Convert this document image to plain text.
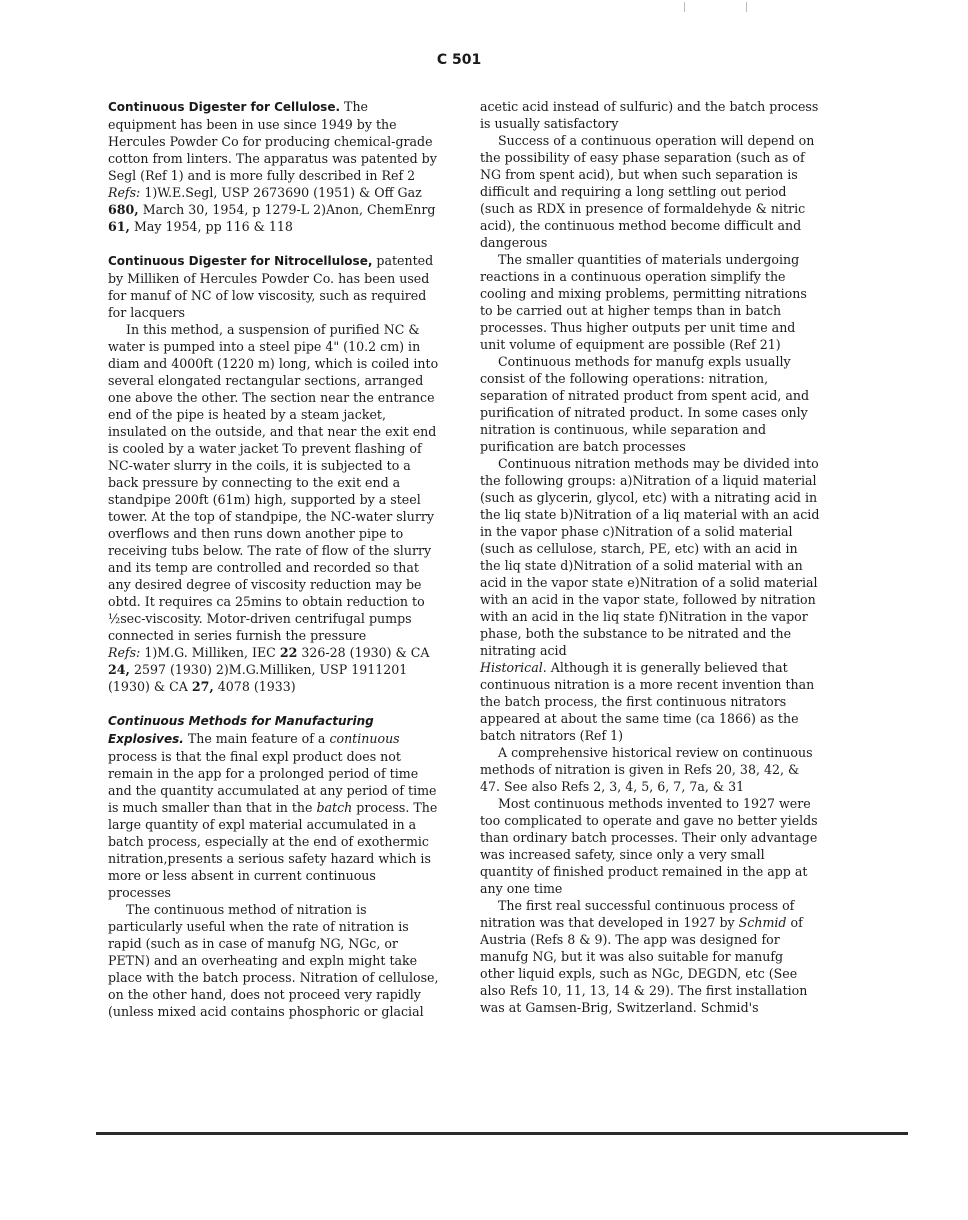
C 501

Continuous Digester for Cellulose. The equipment has been in use since 1949 by the Hercules Powder Co for producing chemical-grade cotton from linters. The apparatus was patented by Segl (Ref 1) and is more fully described in Ref 2

Refs: 1)W.E.Segl, USP 2673690 (1951) & Off Gaz 680, March 30, 1954, p 1279-L 2)Anon, ChemEnrg 61, May 1954, pp 116 & 118

Continuous Digester for Nitrocellulose, patented by Milliken of Hercules Powder Co. has been used for manuf of NC of low viscosity, such as required for lacquers

In this method, a suspension of purified NC & water is pumped into a steel pipe 4" (10.2 cm) in diam and 4000ft (1220 m) long, which is coiled into several elongated rectangular sections, arranged one above the other. The section near the entrance end of the pipe is heated by a steam jacket, insulated on the outside, and that near the exit end is cooled by a water jacket To prevent flashing of NC-water slurry in the coils, it is subjected to a back pressure by connecting to the exit end a standpipe 200ft (61m) high, supported by a steel tower. At the top of standpipe, the NC-water slurry overflows and then runs down another pipe to receiving tubs below. The rate of flow of the slurry and its temp are controlled and recorded so that any desired degree of viscosity reduction may be obtd. It requires ca 25mins to obtain reduction to ½sec-viscosity. Motor-driven centrifugal pumps connected in series furnish the pressure

Refs: 1)M.G. Milliken, IEC 22 326-28 (1930) & CA 24, 2597 (1930) 2)M.G.Milliken, USP 1911201 (1930) & CA 27, 4078 (1933)

Continuous Methods for Manufacturing Explosives. The main feature of a continuous process is that the final expl product does not remain in the app for a prolonged period of time and the quantity accumulated at any period of time is much smaller than that in the batch process. The large quantity of expl material accumulated in a batch process, especially at the end of exothermic nitration,presents a serious safety hazard which is more or less absent in current continuous processes

The continuous method of nitration is particularly useful when the rate of nitration is rapid (such as in case of manufg NG, NGc, or PETN) and an overheating and expln might take place with the batch process. Nitration of cellulose, on the other hand, does not proceed very rapidly (unless mixed acid contains phosphoric or glacial

acetic acid instead of sulfuric) and the batch process is usually satisfactory

Success of a continuous operation will depend on the possibility of easy phase separation (such as of NG from spent acid), but when such separation is difficult and requiring a long settling out period (such as RDX in presence of formaldehyde & nitric acid), the continuous method become difficult and dangerous

The smaller quantities of materials undergoing reactions in a continuous operation simplify the cooling and mixing problems, permitting nitrations to be carried out at higher temps than in batch processes. Thus higher outputs per unit time and unit volume of equipment are possible (Ref 21)

Continuous methods for manufg expls usually consist of the following operations: nitration, separation of nitrated product from spent acid, and purification of nitrated product. In some cases only nitration is continuous, while separation and purification are batch processes

Continuous nitration methods may be divided into the following groups: a)Nitration of a liquid material (such as glycerin, glycol, etc) with a nitrating acid in the liq state b)Nitration of a liq material with an acid in the vapor phase c)Nitration of a solid material (such as cellulose, starch, PE, etc) with an acid in the liq state d)Nitration of a solid material with an acid in the vapor state e)Nitration of a solid material with an acid in the vapor state, followed by nitration with an acid in the liq state f)Nitration in the vapor phase, both the substance to be nitrated and the nitrating acid

Historical. Although it is generally believed that continuous nitration is a more recent invention than the batch process, the first continuous nitrators appeared at about the same time (ca 1866) as the batch nitrators (Ref 1)

A comprehensive historical review on continuous methods of nitration is given in Refs 20, 38, 42, & 47. See also Refs 2, 3, 4, 5, 6, 7, 7a, & 31

Most continuous methods invented to 1927 were too complicated to operate and gave no better yields than ordinary batch processes. Their only advantage was increased safety, since only a very small quantity of finished product remained in the app at any one time

The first real successful continuous process of nitration was that developed in 1927 by Schmid of Austria (Refs 8 & 9). The app was designed for manufg NG, but it was also suitable for manufg other liquid expls, such as NGc, DEGDN, etc (See also Refs 10, 11, 13, 14 & 29). The first installation was at Gamsen-Brig, Switzerland. Schmid's
